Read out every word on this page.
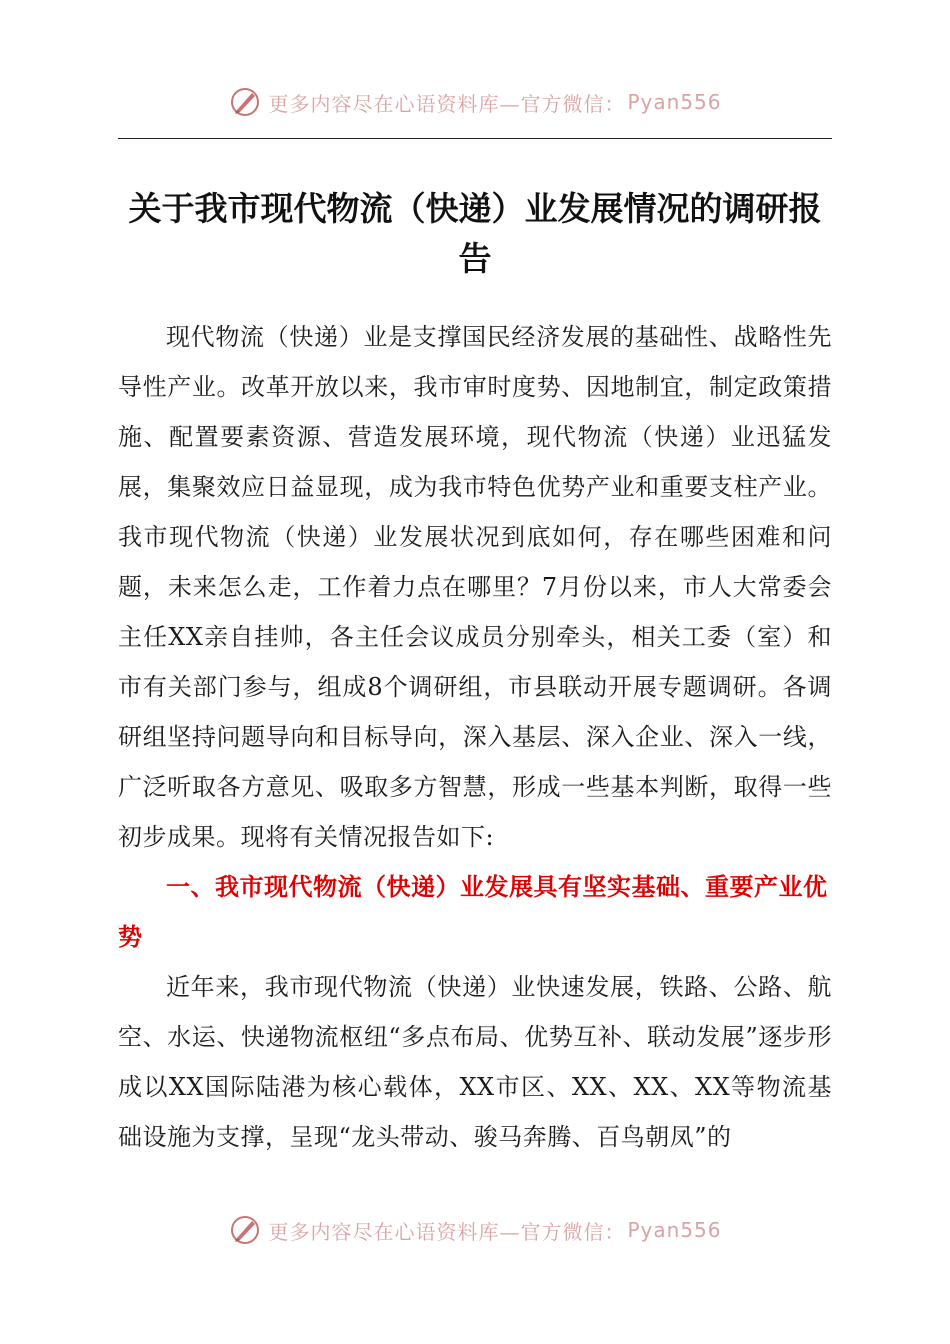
更多内容尽在心语资料库—官方微信： Pyan556
关于我市现代物流（快递）业发展情况的调研报告

现代物流（快递）业是支撑国民经济发展的基础性、战略性先导性产业。改革开放以来，我市审时度势、因地制宜，制定政策措施、配置要素资源、营造发展环境，现代物流（快递）业迅猛发展，集聚效应日益显现，成为我市特色优势产业和重要支柱产业。我市现代物流（快递）业发展状况到底如何，存在哪些困难和问题，未来怎么走，工作着力点在哪里？7月份以来，市人大常委会主任XX亲自挂帅，各主任会议成员分别牵头，相关工委（室）和市有关部门参与，组成8个调研组，市县联动开展专题调研。各调研组坚持问题导向和目标导向，深入基层、深入企业、深入一线，广泛听取各方意见、吸取多方智慧，形成一些基本判断，取得一些初步成果。现将有关情况报告如下:

一、我市现代物流（快递）业发展具有坚实基础、重要产业优势

近年来，我市现代物流（快递）业快速发展，铁路、公路、航空、水运、快递物流枢纽“多点布局、优势互补、联动发展”逐步形成以XX国际陆港为核心载体，XX市区、XX、XX、XX等物流基础设施为支撑，呈现“龙头带动、骏马奔腾、百鸟朝凤”的

更多内容尽在心语资料库—官方微信： Pyan556
